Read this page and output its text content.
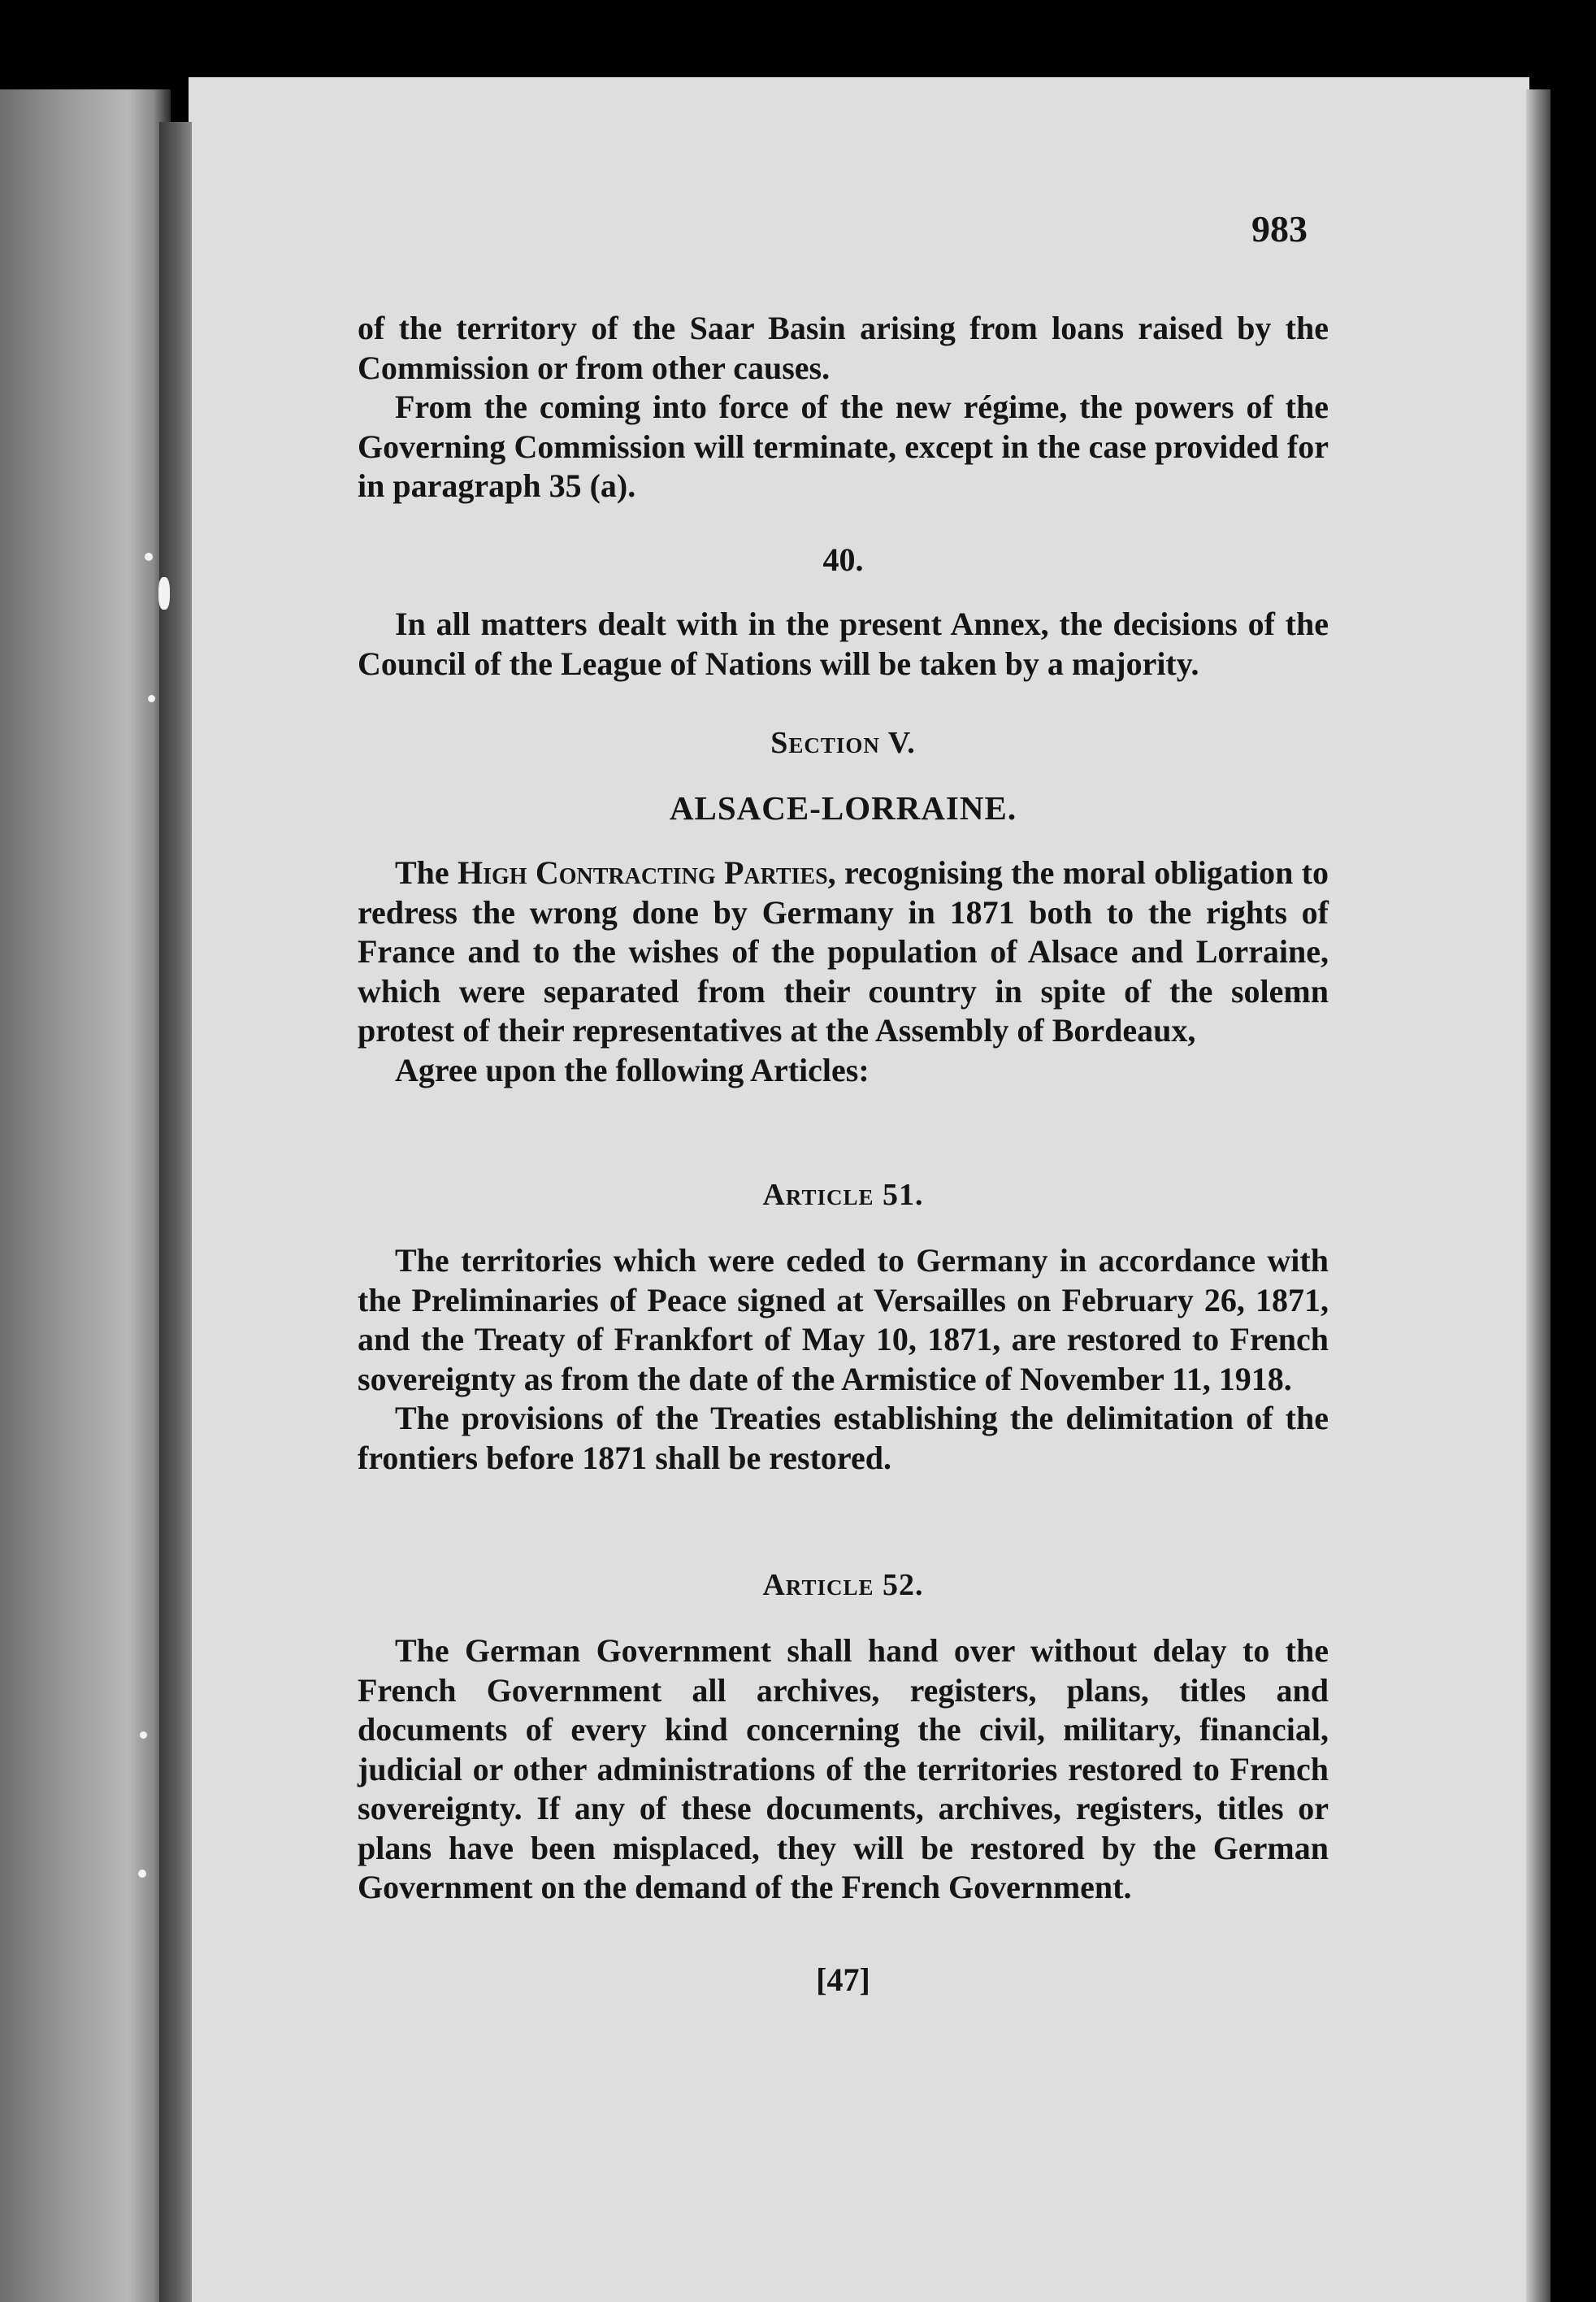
983

of the territory of the Saar Basin arising from loans raised by the Commission or from other causes.

From the coming into force of the new régime, the powers of the Governing Commission will terminate, except in the case provided for in paragraph 35 (a).

40.

In all matters dealt with in the present Annex, the decisions of the Council of the League of Nations will be taken by a majority.

Section V.
ALSACE-LORRAINE.

The High Contracting Parties, recognising the moral obligation to redress the wrong done by Germany in 1871 both to the rights of France and to the wishes of the population of Alsace and Lorraine, which were separated from their country in spite of the solemn protest of their representatives at the Assembly of Bordeaux,

Agree upon the following Articles:

Article 51.

The territories which were ceded to Germany in accordance with the Preliminaries of Peace signed at Versailles on February 26, 1871, and the Treaty of Frankfort of May 10, 1871, are restored to French sovereignty as from the date of the Armistice of November 11, 1918.

The provisions of the Treaties establishing the delimitation of the frontiers before 1871 shall be restored.

Article 52.

The German Government shall hand over without delay to the French Government all archives, registers, plans, titles and documents of every kind concerning the civil, military, financial, judicial or other administrations of the territories restored to French sovereignty. If any of these documents, archives, registers, titles or plans have been misplaced, they will be restored by the German Government on the demand of the French Government.

[47]
